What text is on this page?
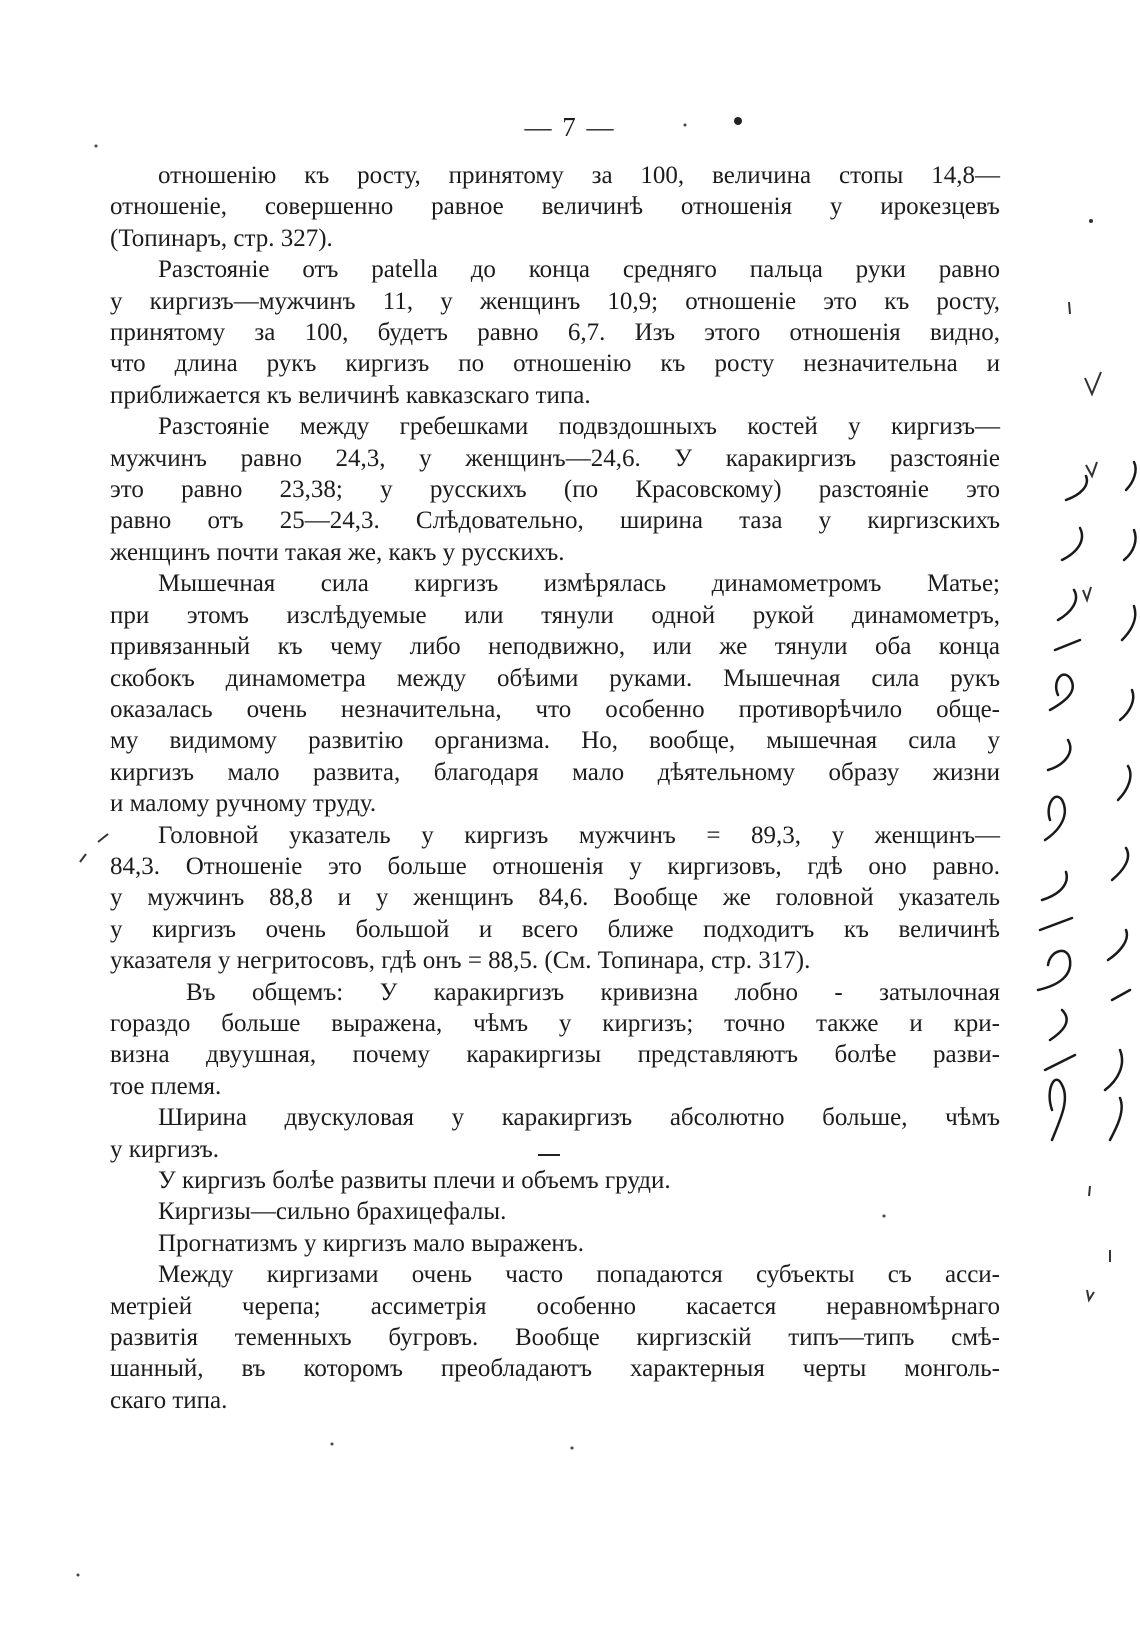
— 7 —
отношенію къ росту, принятому за 100, величина стопы 14,8—
отношеніе, совершенно равное величинѣ отношенія у ирокезцевъ
(Топинаръ, стр. 327).
Разстояніе отъ patella до конца средняго пальца руки равно
у киргизъ—мужчинъ 11, у женщинъ 10,9; отношеніе это къ росту,
принятому за 100, будетъ равно 6,7. Изъ этого отношенія видно,
что длина рукъ киргизъ по отношенію къ росту незначительна и
приближается къ величинѣ кавказскаго типа.
Разстояніе между гребешками подвздошныхъ костей у киргизъ—
мужчинъ равно 24,3, у женщинъ—24,6. У каракиргизъ разстояніе
это равно 23,38; у русскихъ (по Красовскому) разстояніе это
равно отъ 25—24,3. Слѣдовательно, ширина таза у киргизскихъ
женщинъ почти такая же, какъ у русскихъ.
Мышечная сила киргизъ измѣрялась динамометромъ Матье;
при этомъ изслѣдуемые или тянули одной рукой динамометръ,
привязанный къ чему либо неподвижно, или же тянули оба конца
скобокъ динамометра между обѣими руками. Мышечная сила рукъ
оказалась очень незначительна, что особенно противорѣчило обще-
му видимому развитію организма. Но, вообще, мышечная сила у
киргизъ мало развита, благодаря мало дѣятельному образу жизни
и малому ручному труду.
Головной указатель у киргизъ мужчинъ = 89,3, у женщинъ—
84,3. Отношеніе это больше отношенія у киргизовъ, гдѣ оно равно.
у мужчинъ 88,8 и у женщинъ 84,6. Вообще же головной указатель
у киргизъ очень большой и всего ближе подходитъ къ величинѣ
указателя у негритосовъ, гдѣ онъ = 88,5. (См. Топинара, стр. 317).
Въ общемъ: У каракиргизъ кривизна лобно - затылочная
гораздо больше выражена, чѣмъ у киргизъ; точно также и кри-
визна двуушная, почему каракиргизы представляютъ болѣе разви-
тое племя.
Ширина двускуловая у каракиргизъ абсолютно больше, чѣмъ
у киргизъ.
У киргизъ болѣе развиты плечи и объемъ груди.
Киргизы—сильно брахицефалы.
Прогнатизмъ у киргизъ мало выраженъ.
Между киргизами очень часто попадаются субъекты съ асси-
метріей черепа; ассиметрія особенно касается неравномѣрнаго
развитія теменныхъ бугровъ. Вообще киргизскій типъ—типъ смѣ-
шанный, въ которомъ преобладаютъ характерныя черты монголь-
скаго типа.
